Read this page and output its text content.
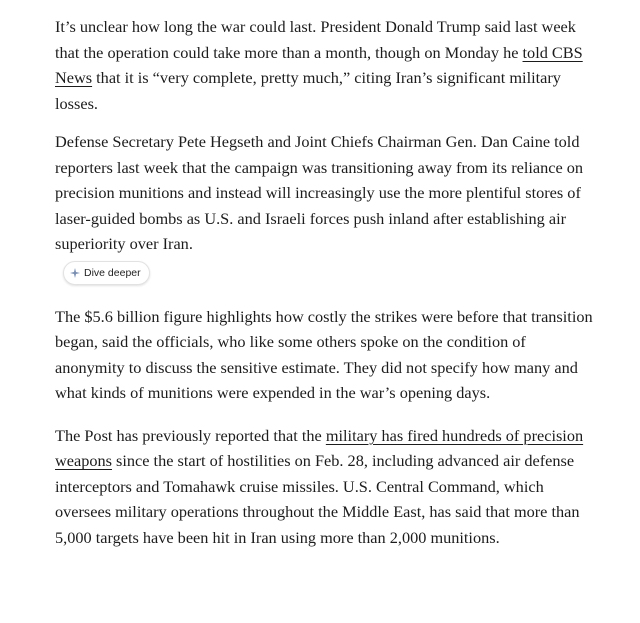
It’s unclear how long the war could last. President Donald Trump said last week that the operation could take more than a month, though on Monday he told CBS News that it is “very complete, pretty much,” citing Iran’s significant military losses.

Defense Secretary Pete Hegseth and Joint Chiefs Chairman Gen. Dan Caine told reporters last week that the campaign was transitioning away from its reliance on precision munitions and instead will increasingly use the more plentiful stores of laser-guided bombs as U.S. and Israeli forces push inland after establishing air superiority over Iran.

Dive deeper

The $5.6 billion figure highlights how costly the strikes were before that transition began, said the officials, who like some others spoke on the condition of anonymity to discuss the sensitive estimate. They did not specify how many and what kinds of munitions were expended in the war’s opening days.

The Post has previously reported that the military has fired hundreds of precision weapons since the start of hostilities on Feb. 28, including advanced air defense interceptors and Tomahawk cruise missiles. U.S. Central Command, which oversees military operations throughout the Middle East, has said that more than 5,000 targets have been hit in Iran using more than 2,000 munitions.
